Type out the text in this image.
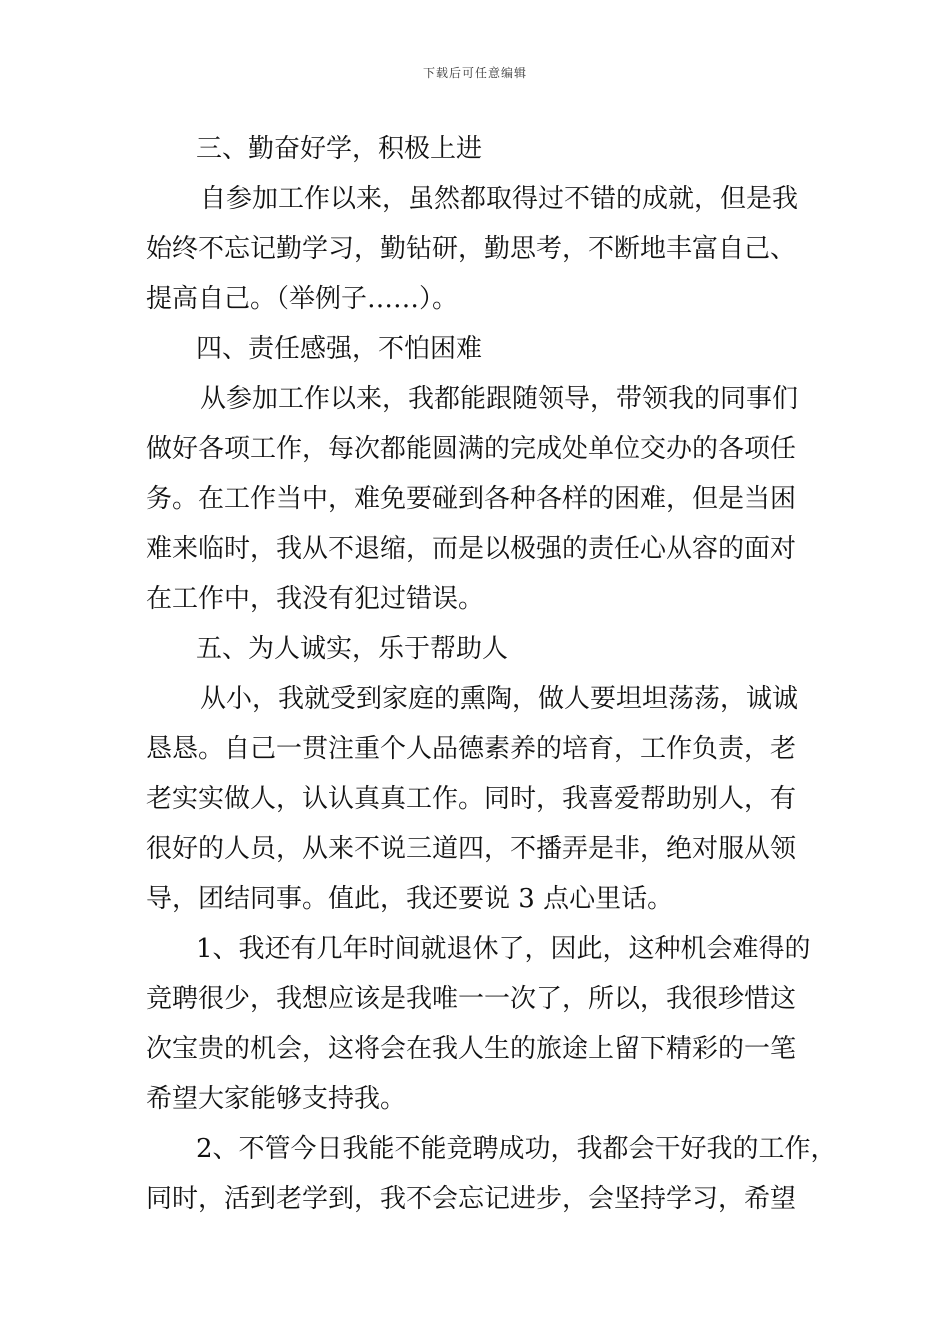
下载后可任意编辑
三、勤奋好学，积极上进
自参加工作以来，虽然都取得过不错的成就，但是我
始终不忘记勤学习，勤钻研，勤思考，不断地丰富自己、
提高自己。（举例子……）。
四、责任感强，不怕困难
从参加工作以来，我都能跟随领导，带领我的同事们
做好各项工作，每次都能圆满的完成处单位交办的各项任
务。在工作当中，难免要碰到各种各样的困难，但是当困
难来临时，我从不退缩，而是以极强的责任心从容的面对
在工作中，我没有犯过错误。
五、为人诚实，乐于帮助人
从小，我就受到家庭的熏陶，做人要坦坦荡荡，诚诚
恳恳。自己一贯注重个人品德素养的培育，工作负责，老
老实实做人，认认真真工作。同时，我喜爱帮助别人，有
很好的人员，从来不说三道四，不播弄是非，绝对服从领
导，团结同事。值此，我还要说 3 点心里话。
1、我还有几年时间就退休了，因此，这种机会难得的
竞聘很少，我想应该是我唯一一次了，所以，我很珍惜这
次宝贵的机会，这将会在我人生的旅途上留下精彩的一笔
希望大家能够支持我。
2、不管今日我能不能竞聘成功，我都会干好我的工作，
同时，活到老学到，我不会忘记进步，会坚持学习，希望
